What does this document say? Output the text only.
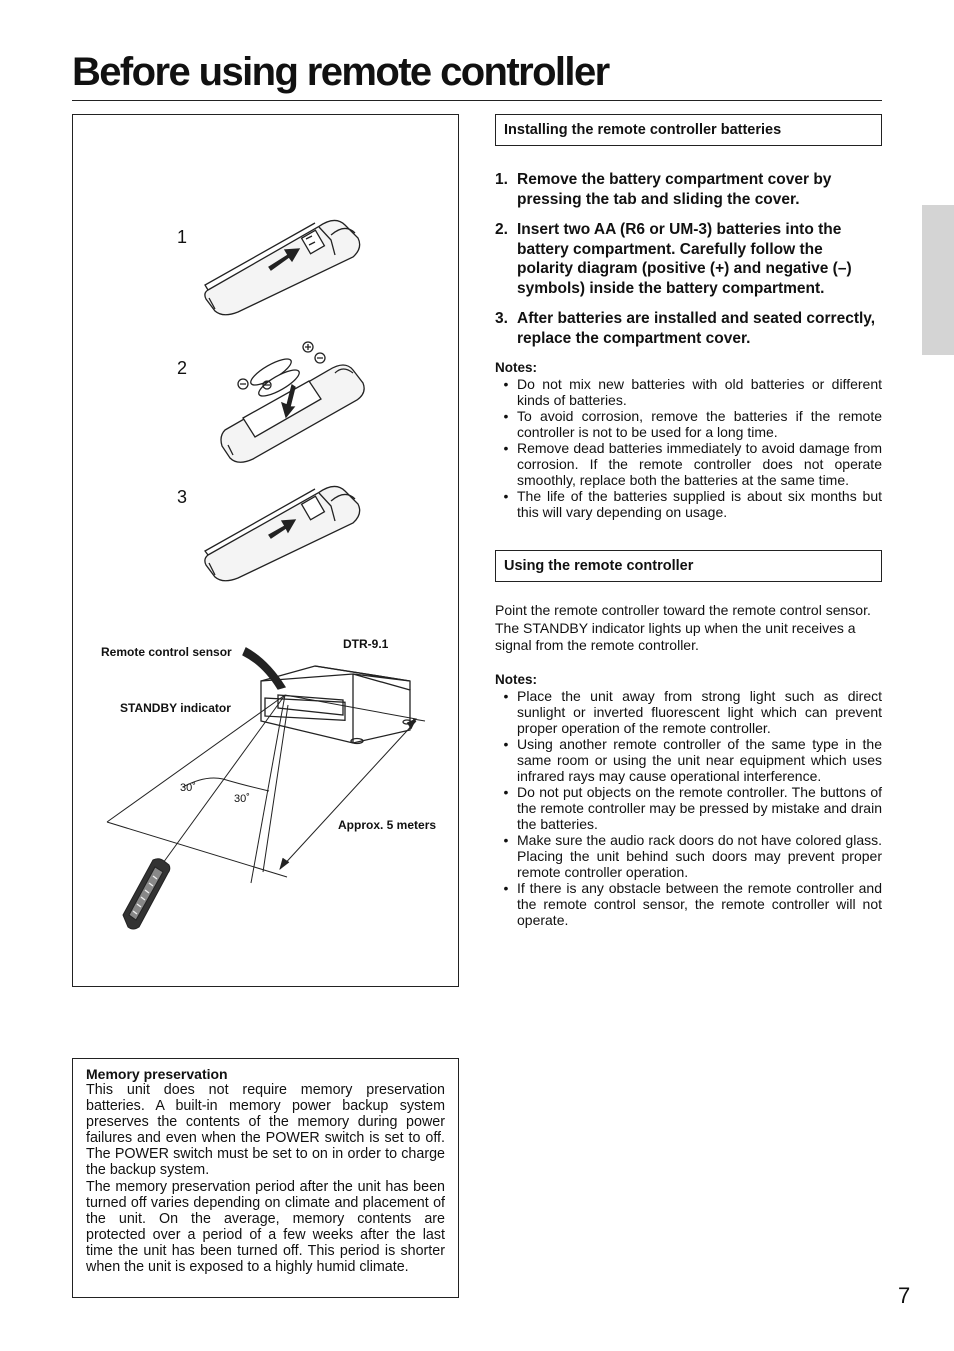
Before using remote controller
1
2
3
DTR-9.1
Remote control sensor
STANDBY indicator
30˚
30˚
Approx. 5 meters
Installing the remote controller batteries
1. Remove the battery compartment cover by pressing the tab and sliding the cover.
2. Insert two AA (R6 or UM-3) batteries into the battery compartment. Carefully follow the polarity diagram (positive (+) and negative (–) symbols) inside the battery compartment.
3. After batteries are installed and seated correctly, replace the compartment cover.
Notes:
• Do not mix new batteries with old batteries or different kinds of batteries.
• To avoid corrosion, remove the batteries if the remote controller is not to be used for a long time.
• Remove dead batteries immediately to avoid damage from corrosion. If the remote controller does not operate smoothly, replace both the batteries at the same time.
• The life of the batteries supplied is about six months but this will vary depending on usage.
Using the remote controller

Point the remote controller toward the remote control sensor. The STANDBY indicator lights up when the unit receives a signal from the remote controller.

Notes:
• Place the unit away from strong light such as direct sunlight or inverted fluorescent light which can prevent proper operation of the remote controller.
• Using another remote controller of the same type in the same room or using the unit near equipment which uses infrared rays may cause operational interference.
• Do not put objects on the remote controller. The buttons of the remote controller may be pressed by mistake and drain the batteries.
• Make sure the audio rack doors do not have colored glass. Placing the unit behind such doors may prevent proper remote controller operation.
• If there is any obstacle between the remote controller and the remote control sensor, the remote controller will not operate.
Memory preservation

This unit does not require memory preservation batteries. A built-in memory power backup system preserves the contents of the memory during power failures and even when the POWER switch is set to off. The POWER switch must be set to on in order to charge the backup system.

The memory preservation period after the unit has been turned off varies depending on climate and placement of the unit. On the average, memory contents are protected over a period of a few weeks after the last time the unit has been turned off. This period is shorter when the unit is exposed to a highly humid climate.

7
